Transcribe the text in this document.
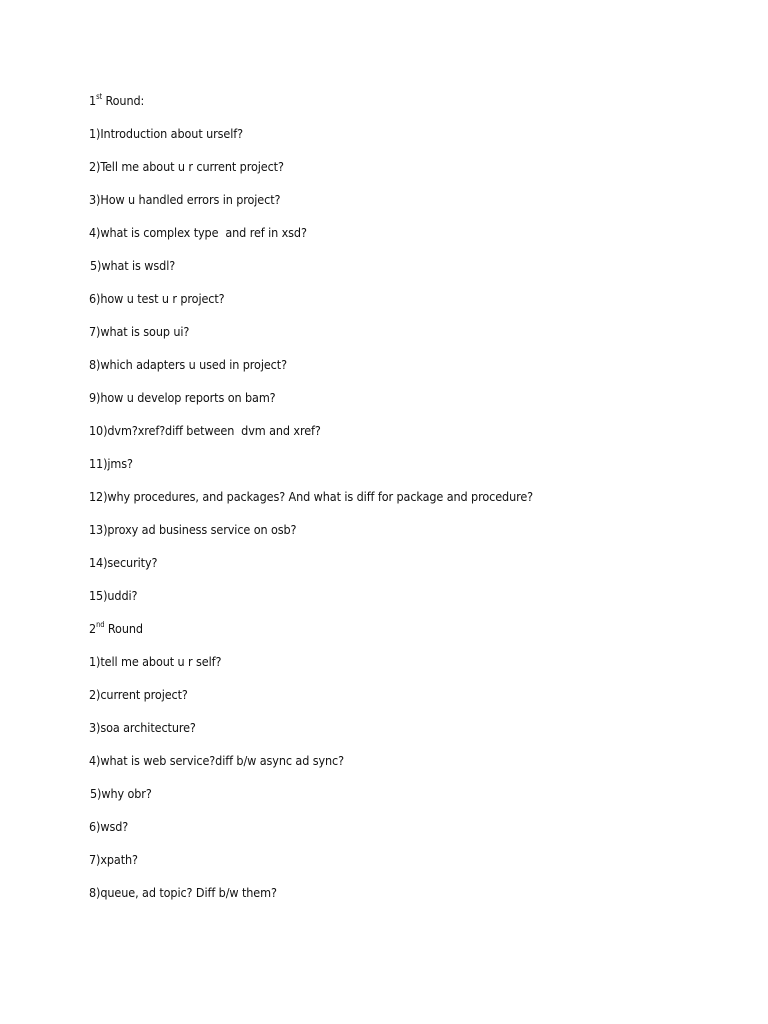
1st Round:
1)Introduction about urself?
2)Tell me about u r current project?
3)How u handled errors in project?
4)what is complex type  and ref in xsd?
5)what is wsdl?
6)how u test u r project?
7)what is soup ui?
8)which adapters u used in project?
9)how u develop reports on bam?
10)dvm?xref?diff between  dvm and xref?
11)jms?
12)why procedures, and packages? And what is diff for package and procedure?
13)proxy ad business service on osb?
14)security?
15)uddi?
2nd Round
1)tell me about u r self?
2)current project?
3)soa architecture?
4)what is web service?diff b/w async ad sync?
5)why obr?
6)wsd?
7)xpath?
8)queue, ad topic? Diff b/w them?
